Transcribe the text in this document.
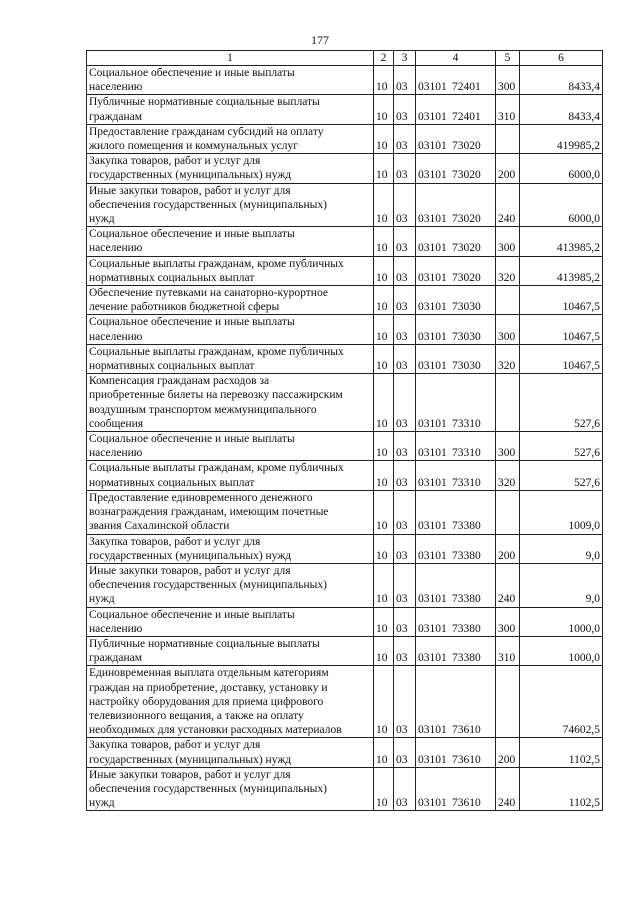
177
1	2	3	4	5	6

Социальное обеспечение и иные выплаты
населению	10	03	03101 72401	300	8433,4

Публичные нормативные социальные выплаты
гражданам	10	03	03101 72401	310	8433,4

Предоставление гражданам субсидий на оплату
жилого помещения и коммунальных услуг	10	03	03101 73020		419985,2

Закупка товаров, работ и услуг для
государственных (муниципальных) нужд	10	03	03101 73020	200	6000,0

Иные закупки товаров, работ и услуг для
обеспечения государственных (муниципальных)
нужд	10	03	03101 73020	240	6000,0

Социальное обеспечение и иные выплаты
населению	10	03	03101 73020	300	413985,2

Социальные выплаты гражданам, кроме публичных
нормативных социальных выплат	10	03	03101 73020	320	413985,2

Обеспечение путевками на санаторно-курортное
лечение работников бюджетной сферы	10	03	03101 73030		10467,5

Социальное обеспечение и иные выплаты
населению	10	03	03101 73030	300	10467,5

Социальные выплаты гражданам, кроме публичных
нормативных социальных выплат	10	03	03101 73030	320	10467,5

Компенсация гражданам расходов за
приобретенные билеты на перевозку пассажирским
воздушным транспортом межмуниципального
сообщения	10	03	03101 73310		527,6

Социальное обеспечение и иные выплаты
населению	10	03	03101 73310	300	527,6

Социальные выплаты гражданам, кроме публичных
нормативных социальных выплат	10	03	03101 73310	320	527,6

Предоставление единовременного денежного
вознаграждения гражданам, имеющим почетные
звания Сахалинской области	10	03	03101 73380		1009,0

Закупка товаров, работ и услуг для
государственных (муниципальных) нужд	10	03	03101 73380	200	9,0

Иные закупки товаров, работ и услуг для
обеспечения государственных (муниципальных)
нужд	10	03	03101 73380	240	9,0

Социальное обеспечение и иные выплаты
населению	10	03	03101 73380	300	1000,0

Публичные нормативные социальные выплаты
гражданам	10	03	03101 73380	310	1000,0

Единовременная выплата отдельным категориям
граждан на приобретение, доставку, установку и
настройку оборудования для приема цифрового
телевизионного вещания, а также на оплату
необходимых для установки расходных материалов	10	03	03101 73610		74602,5

Закупка товаров, работ и услуг для
государственных (муниципальных) нужд	10	03	03101 73610	200	1102,5

Иные закупки товаров, работ и услуг для
обеспечения государственных (муниципальных)
нужд	10	03	03101 73610	240	1102,5
